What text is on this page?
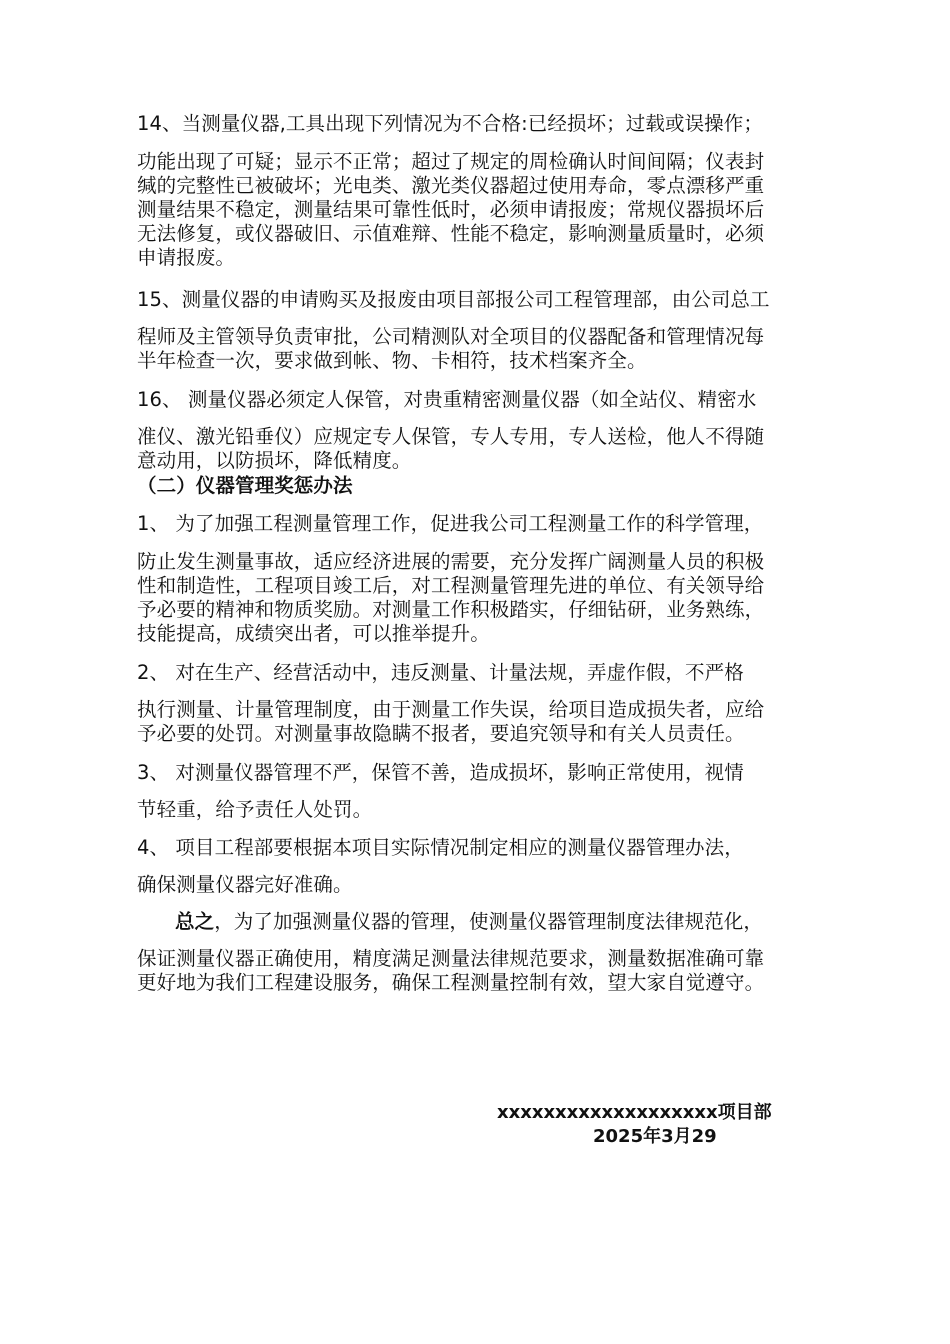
14、当测量仪器,工具出现下列情况为不合格:已经损坏；过载或误操作；
功能出现了可疑；显示不正常；超过了规定的周检确认时间间隔；仪表封
缄的完整性已被破坏；光电类、激光类仪器超过使用寿命，零点漂移严重
测量结果不稳定，测量结果可靠性低时，必须申请报废；常规仪器损坏后
无法修复，或仪器破旧、示值难辩、性能不稳定，影响测量质量时，必须
申请报废。
15、测量仪器的申请购买及报废由项目部报公司工程管理部，由公司总工
程师及主管领导负责审批，公司精测队对全项目的仪器配备和管理情况每
半年检查一次，要求做到帐、物、卡相符，技术档案齐全。
16、 测量仪器必须定人保管，对贵重精密测量仪器（如全站仪、精密水
准仪、激光铅垂仪）应规定专人保管，专人专用，专人送检，他人不得随
意动用，以防损坏，降低精度。
（二）仪器管理奖惩办法
1、 为了加强工程测量管理工作，促进我公司工程测量工作的科学管理，
防止发生测量事故，适应经济进展的需要，充分发挥广阔测量人员的积极
性和制造性，工程项目竣工后，对工程测量管理先进的单位、有关领导给
予必要的精神和物质奖励。对测量工作积极踏实，仔细钻研，业务熟练，
技能提高，成绩突出者，可以推举提升。
2、 对在生产、经营活动中，违反测量、计量法规，弄虚作假，不严格
执行测量、计量管理制度，由于测量工作失误，给项目造成损失者，应给
予必要的处罚。对测量事故隐瞒不报者，要追究领导和有关人员责任。
3、 对测量仪器管理不严，保管不善，造成损坏，影响正常使用，视情
节轻重，给予责任人处罚。
4、 项目工程部要根据本项目实际情况制定相应的测量仪器管理办法，
确保测量仪器完好准确。
总之，为了加强测量仪器的管理，使测量仪器管理制度法律规范化，
保证测量仪器正确使用，精度满足测量法律规范要求，测量数据准确可靠
更好地为我们工程建设服务，确保工程测量控制有效，望大家自觉遵守。
xxxxxxxxxxxxxxxxxxx项目部
2025年3月29
